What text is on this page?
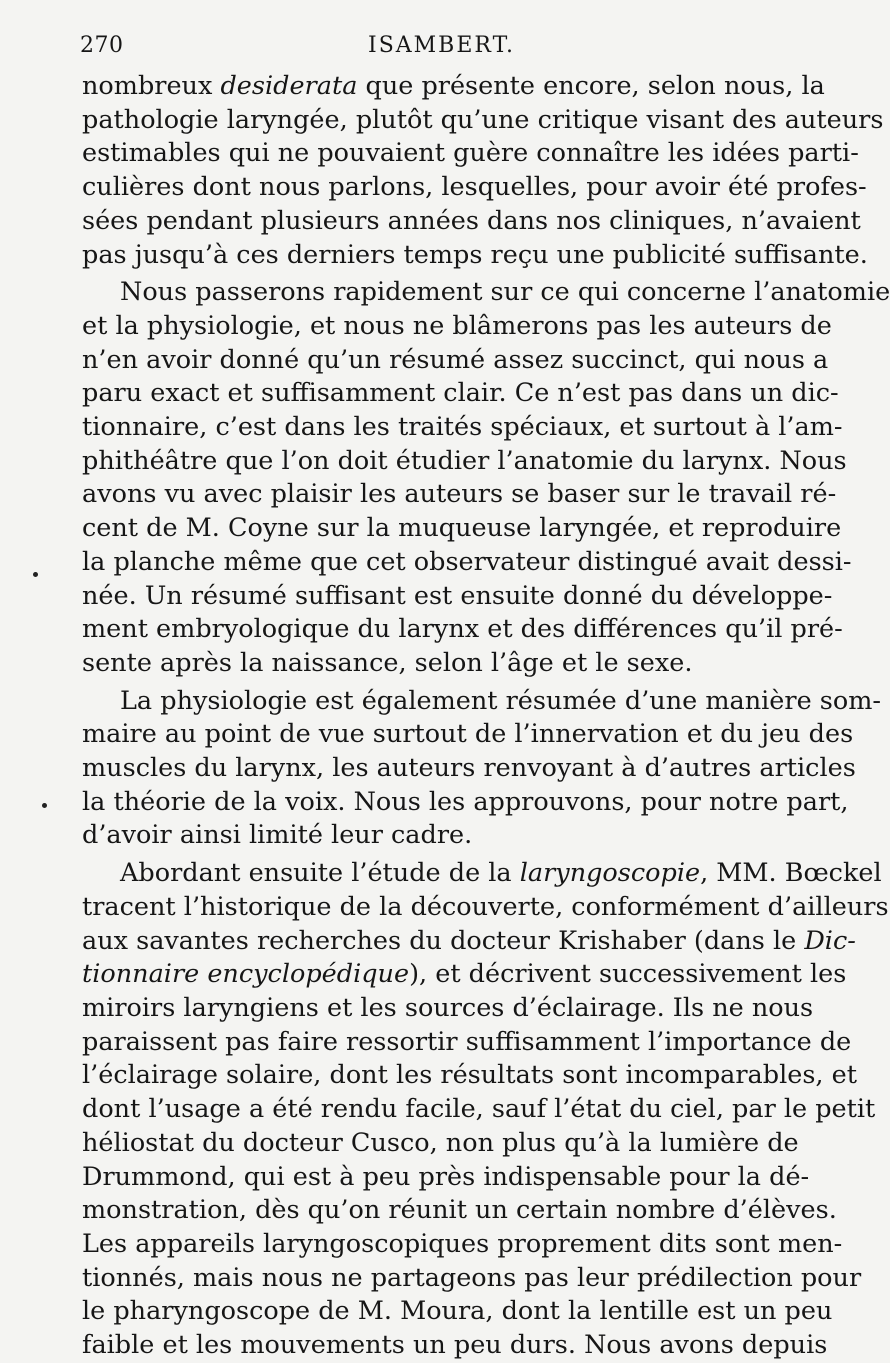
270	ISAMBERT.
nombreux desiderata que présente encore, selon nous, la
pathologie laryngée, plutôt qu’une critique visant des auteurs
estimables qui ne pouvaient guère connaître les idées parti-
culières dont nous parlons, lesquelles, pour avoir été profes-
sées pendant plusieurs années dans nos cliniques, n’avaient
pas jusqu’à ces derniers temps reçu une publicité suffisante.
Nous passerons rapidement sur ce qui concerne l’anatomie
et la physiologie, et nous ne blâmerons pas les auteurs de
n’en avoir donné qu’un résumé assez succinct, qui nous a
paru exact et suffisamment clair. Ce n’est pas dans un dic-
tionnaire, c’est dans les traités spéciaux, et surtout à l’am-
phithéâtre que l’on doit étudier l’anatomie du larynx. Nous
avons vu avec plaisir les auteurs se baser sur le travail ré-
cent de M. Coyne sur la muqueuse laryngée, et reproduire
la planche même que cet observateur distingué avait dessi-
née. Un résumé suffisant est ensuite donné du développe-
ment embryologique du larynx et des différences qu’il pré-
sente après la naissance, selon l’âge et le sexe.
La physiologie est également résumée d’une manière som-
maire au point de vue surtout de l’innervation et du jeu des
muscles du larynx, les auteurs renvoyant à d’autres articles
la théorie de la voix. Nous les approuvons, pour notre part,
d’avoir ainsi limité leur cadre.
Abordant ensuite l’étude de la laryngoscopie, MM. Bœckel
tracent l’historique de la découverte, conformément d’ailleurs
aux savantes recherches du docteur Krishaber (dans le Dic-
tionnaire encyclopédique), et décrivent successivement les
miroirs laryngiens et les sources d’éclairage. Ils ne nous
paraissent pas faire ressortir suffisamment l’importance de
l’éclairage solaire, dont les résultats sont incomparables, et
dont l’usage a été rendu facile, sauf l’état du ciel, par le petit
héliostat du docteur Cusco, non plus qu’à la lumière de
Drummond, qui est à peu près indispensable pour la dé-
monstration, dès qu’on réunit un certain nombre d’élèves.
Les appareils laryngoscopiques proprement dits sont men-
tionnés, mais nous ne partageons pas leur prédilection pour
le pharyngoscope de M. Moura, dont la lentille est un peu
faible et les mouvements un peu durs. Nous avons depuis
